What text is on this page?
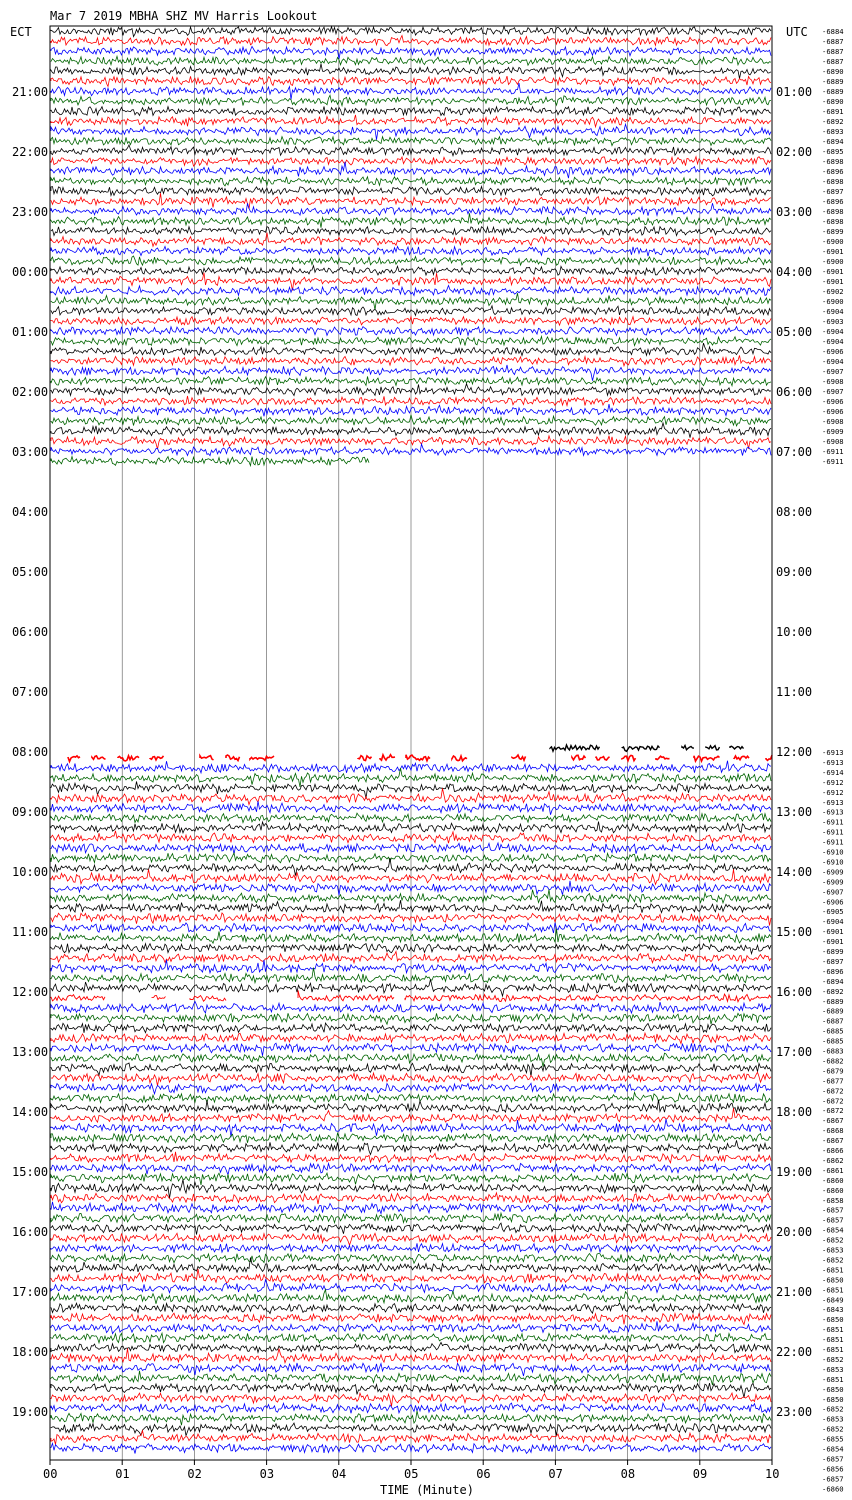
Mar 7 2019 MBHA SHZ MV Harris Lookout
ECT	UTC
TIME (Minute)
21:00
22:00
23:00
00:00
01:00
02:00
03:00
04:00
05:00
06:00
07:00
08:00
09:00
10:00
11:00
12:00
13:00
14:00
15:00
16:00
17:00
18:00
19:00
01:00
02:00
03:00
04:00
05:00
06:00
07:00
08:00
09:00
10:00
11:00
12:00
13:00
14:00
15:00
16:00
17:00
18:00
19:00
20:00
21:00
22:00
23:00
-6884
-6887
-6887
-6887
-6890
-6889
-6889
-6890
-6891
-6892
-6893
-6894
-6895
-6898
-6896
-6898
-6897
-6896
-6898
-6898
-6899
-6900
-6901
-6900
-6901
-6901
-6902
-6900
-6904
-6903
-6904
-6904
-6906
-6904
-6907
-6908
-6907
-6906
-6906
-6908
-6909
-6908
-6911
-6911
-6913
-6913
-6914
-6912
-6912
-6913
-6913
-6911
-6911
-6911
-6910
-6910
-6909
-6909
-6907
-6906
-6905
-6904
-6901
-6901
-6899
-6897
-6896
-6894
-6892
-6889
-6889
-6887
-6885
-6885
-6883
-6882
-6879
-6877
-6872
-6872
-6872
-6867
-6868
-6867
-6866
-6862
-6861
-6860
-6860
-6858
-6857
-6857
-6854
-6852
-6853
-6852
-6851
-6850
-6851
-6849
-6843
-6850
-6851
-6851
-6851
-6852
-6853
-6851
-6850
-6850
-6852
-6853
-6852
-6855
-6854
-6857
-6856
-6857
-6860
00	01	02	03	04	05	06	07	08	09	10
